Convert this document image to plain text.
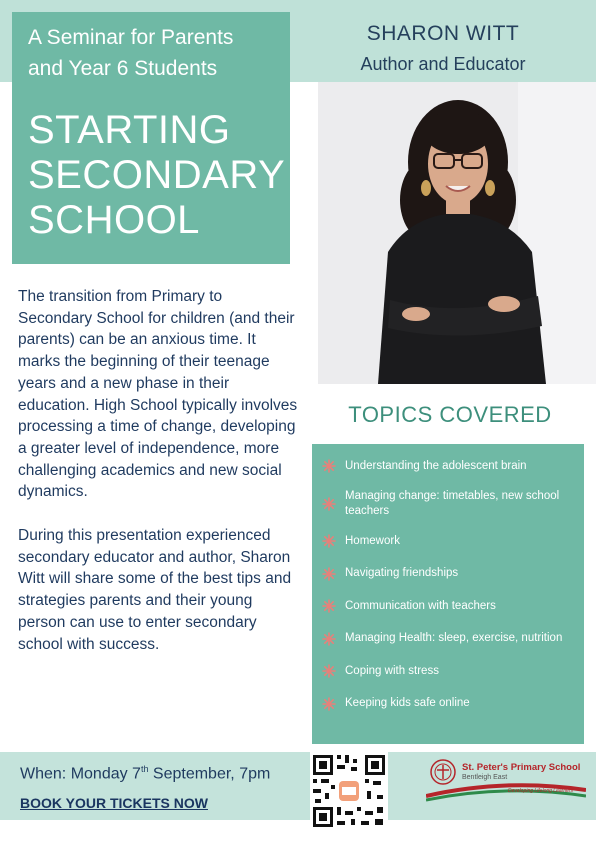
A Seminar for Parents
and Year 6 Students
STARTING
SECONDARY
SCHOOL
SHARON WITT
Author and Educator

The transition from Primary to Secondary School for children (and their parents) can be an anxious time. It marks the beginning of their teenage years and a new phase in their education. High School typically involves processing a time of change, developing a greater level of independence, more challenging academics and new social dynamics.

During this presentation experienced secondary educator and author, Sharon Witt will share some of the best tips and strategies parents and their young person can use to enter secondary school with success.

TOPICS COVERED
Understanding the adolescent brain
Managing change: timetables, new school teachers
Homework
Navigating friendships
Communication with teachers
Managing Health: sleep, exercise, nutrition
Coping with stress
Keeping kids safe online
When: Monday 7th September, 7pm
BOOK YOUR TICKETS NOW
St. Peter's Primary School
Bentleigh East
Developing Lifelong Learners
